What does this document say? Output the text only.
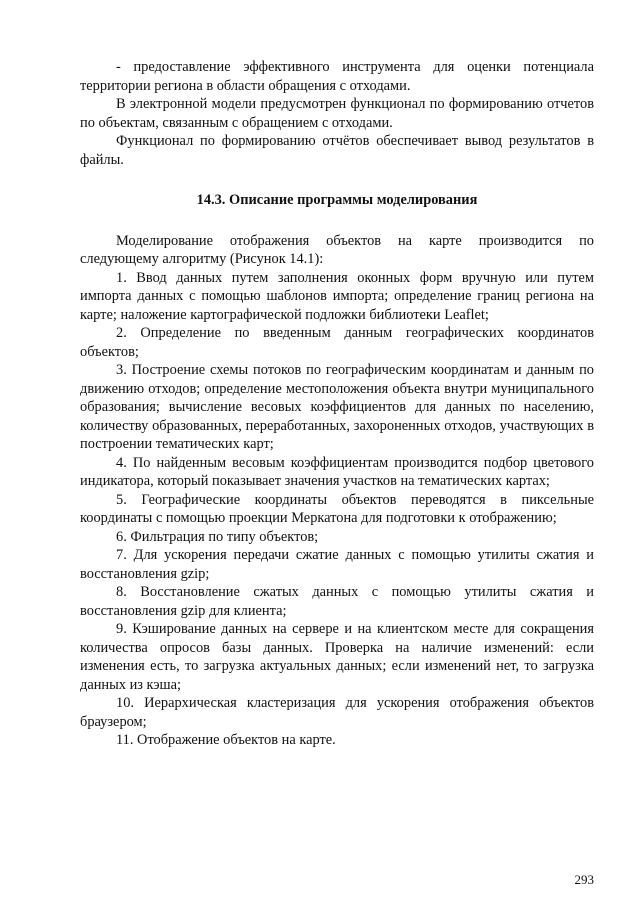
- предоставление эффективного инструмента для оценки потенциала территории региона в области обращения с отходами.

В электронной модели предусмотрен функционал по формированию отчетов по объектам, связанным с обращением с отходами.

Функционал по формированию отчётов обеспечивает вывод результатов в файлы.

14.3. Описание программы моделирования

Моделирование отображения объектов на карте производится по следующему алгоритму (Рисунок 14.1):

1. Ввод данных путем заполнения оконных форм вручную или путем импорта данных с помощью шаблонов импорта; определение границ региона на карте; наложение картографической подложки библиотеки Leaflet;

2. Определение по введенным данным географических координатов объектов;

3. Построение схемы потоков по географическим координатам и данным по движению отходов; определение местоположения объекта внутри муниципального образования; вычисление весовых коэффициентов для данных по населению, количеству образованных, переработанных, захороненных отходов, участвующих в построении тематических карт;

4. По найденным весовым коэффициентам производится подбор цветового индикатора, который показывает значения участков на тематических картах;

5. Географические координаты объектов переводятся в пиксельные координаты с помощью проекции Меркатона для подготовки к отображению;

6. Фильтрация по типу объектов;

7. Для ускорения передачи сжатие данных с помощью утилиты сжатия и восстановления gzip;

8. Восстановление сжатых данных с помощью утилиты сжатия и восстановления gzip для клиента;

9. Кэширование данных на сервере и на клиентском месте для сокращения количества опросов базы данных. Проверка на наличие изменений: если изменения есть, то загрузка актуальных данных; если изменений нет, то загрузка данных из кэша;

10. Иерархическая кластеризация для ускорения отображения объектов браузером;

11. Отображение объектов на карте.

293
